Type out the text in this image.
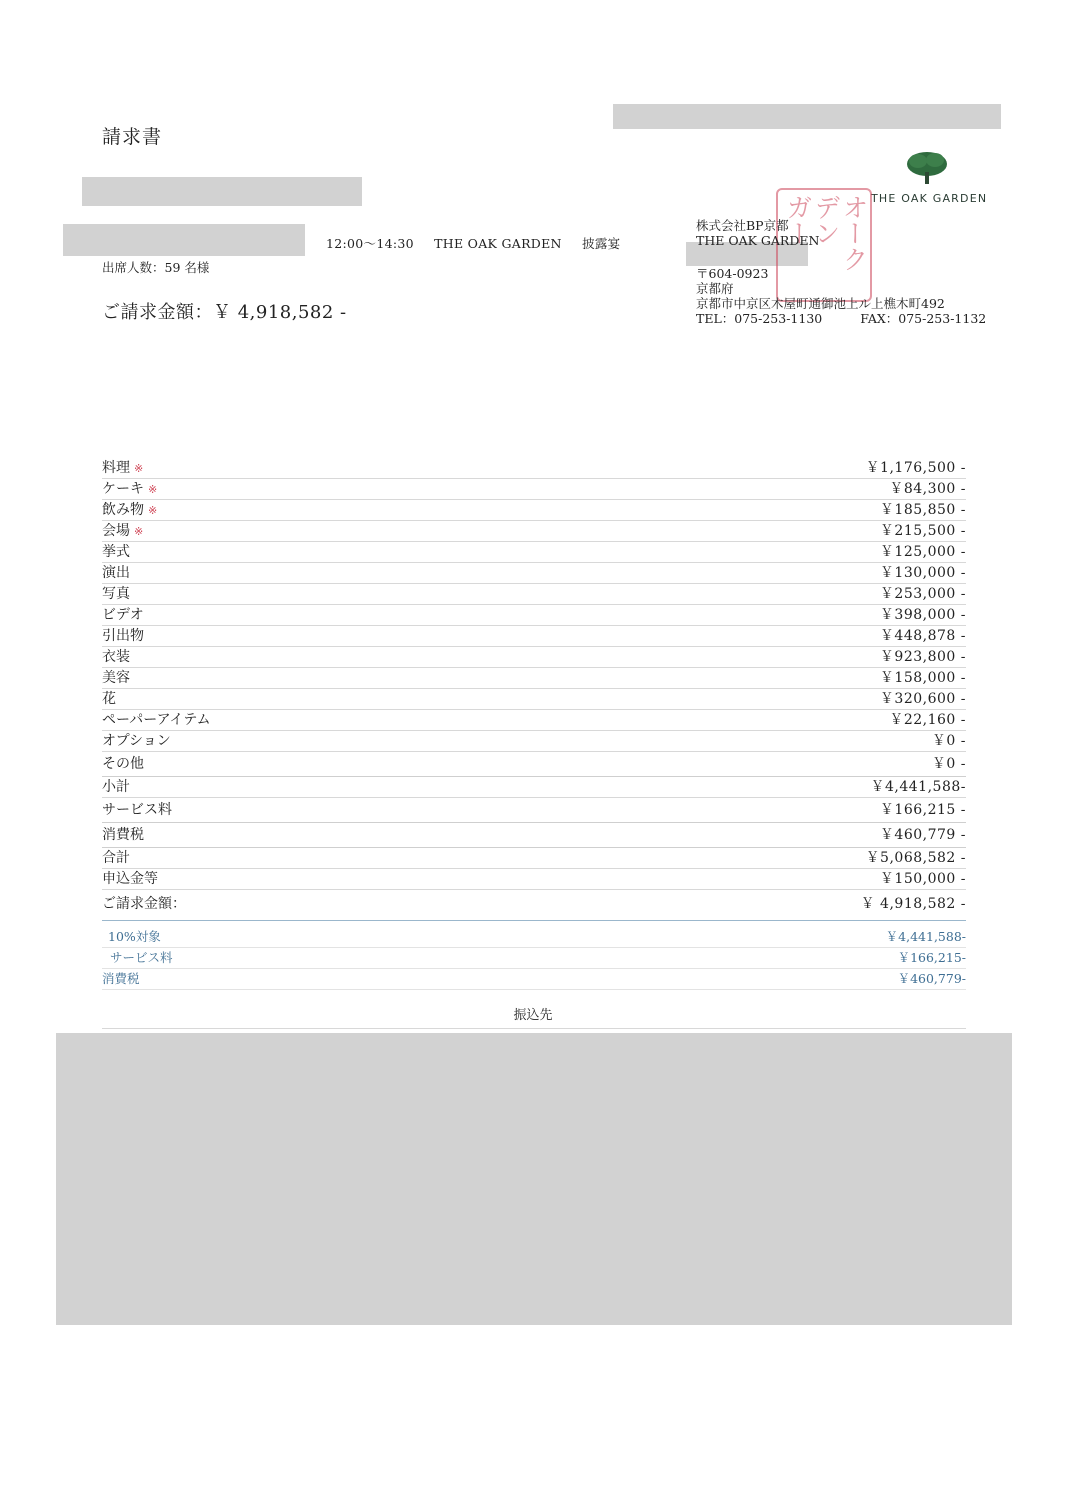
請求書
12:00～14:30 THE OAK GARDEN 披露宴
出席人数：59 名様
ご請求金額：￥ 4,918,582 -
THE OAK GARDEN
ガー
デン
オーク
株式会社BP京都
THE OAK GARDEN
〒604-0923
京都府
京都市中京区木屋町通御池上ル上樵木町492
TEL：075-253-1130	FAX：075-253-1132
料理 ※	￥1,176,500 -
ケーキ ※	￥84,300 -
飲み物 ※	￥185,850 -
会場 ※	￥215,500 -
挙式	￥125,000 -
演出	￥130,000 -
写真	￥253,000 -
ビデオ	￥398,000 -
引出物	￥448,878 -
衣装	￥923,800 -
美容	￥158,000 -
花	￥320,600 -
ペーパーアイテム	￥22,160 -
オプション	￥0 -
その他	￥0 -
小計	￥4,441,588-
サービス料	￥166,215 -
消費税	￥460,779 -
合計	￥5,068,582 -
申込金等	￥150,000 -
ご請求金額：	￥ 4,918,582 -
10%対象	￥4,441,588-
サービス料	￥166,215-
消費税	￥460,779-
振込先
